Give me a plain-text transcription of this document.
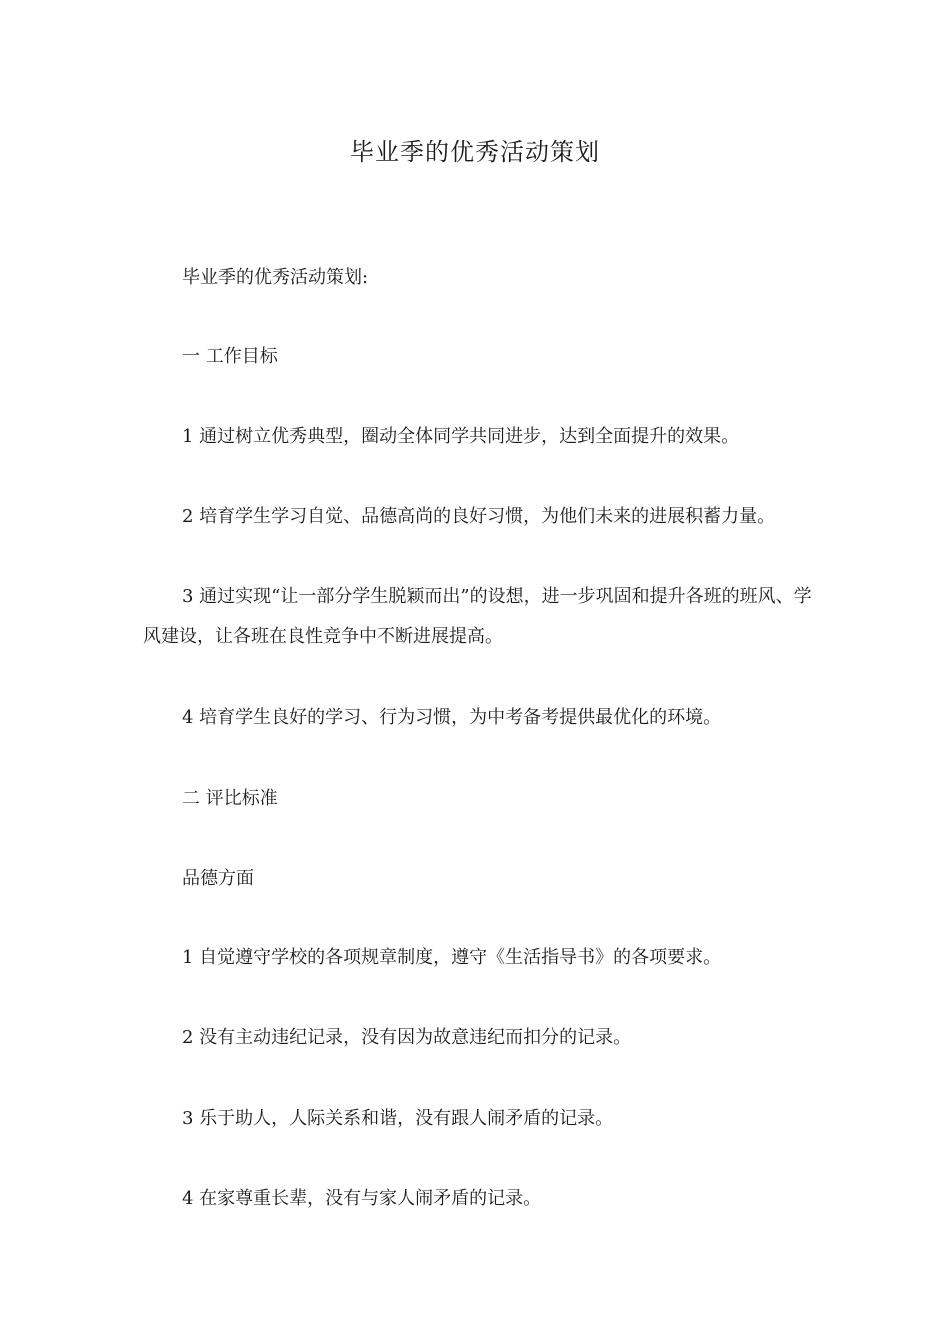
毕业季的优秀活动策划

毕业季的优秀活动策划:

一 工作目标

1 通过树立优秀典型，圈动全体同学共同进步，达到全面提升的效果。

2 培育学生学习自觉、品德高尚的良好习惯，为他们未来的进展积蓄力量。

3 通过实现“让一部分学生脱颖而出”的设想，进一步巩固和提升各班的班风、学风建设，让各班在良性竞争中不断进展提高。

4 培育学生良好的学习、行为习惯，为中考备考提供最优化的环境。

二 评比标准

品德方面

1 自觉遵守学校的各项规章制度，遵守《生活指导书》的各项要求。

2 没有主动违纪记录，没有因为故意违纪而扣分的记录。

3 乐于助人，人际关系和谐，没有跟人闹矛盾的记录。

4 在家尊重长辈，没有与家人闹矛盾的记录。
